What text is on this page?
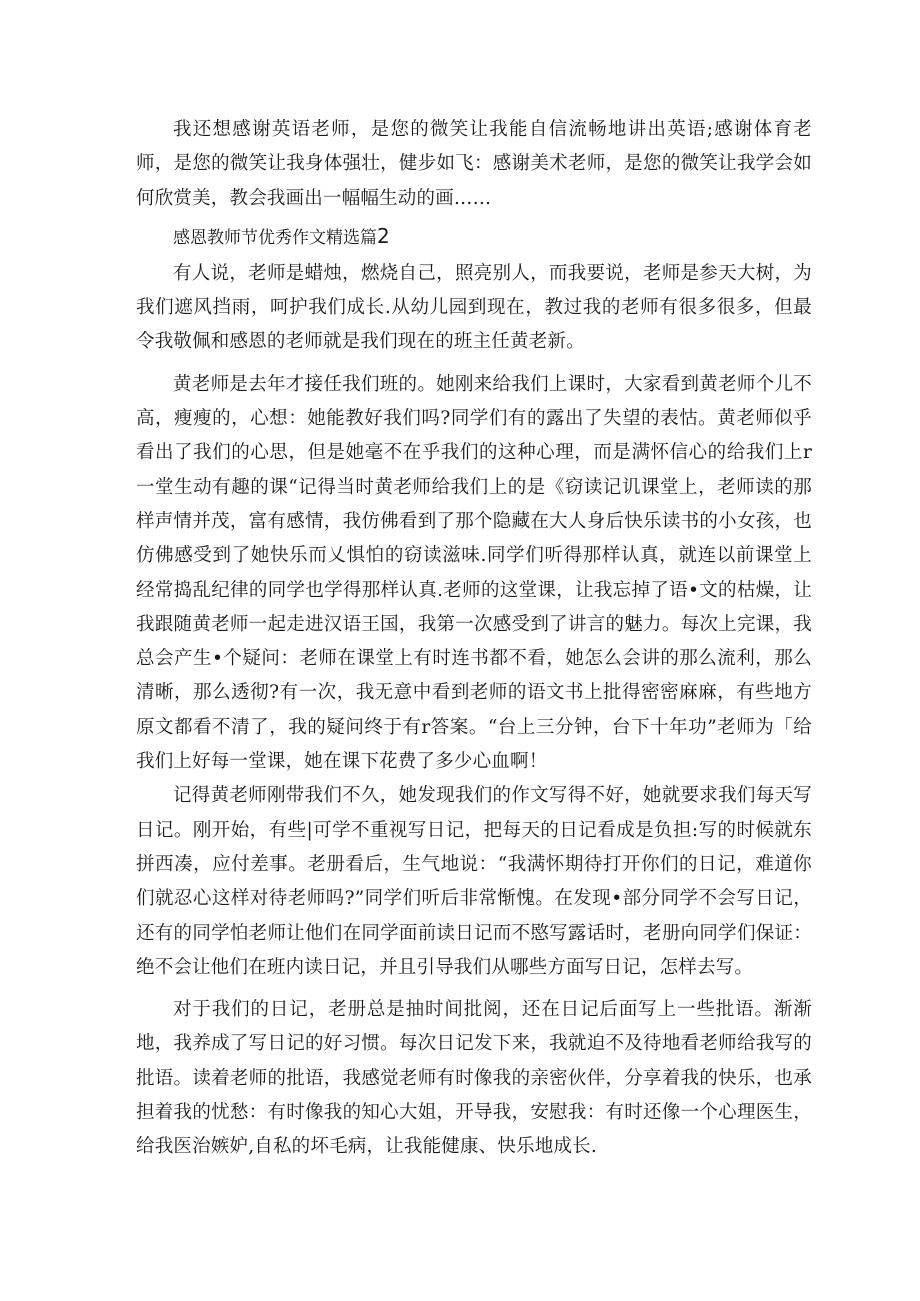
我还想感谢英语老师，是您的微笑让我能自信流畅地讲出英语;感谢体育老师，是您的微笑让我身体强壮，健步如飞：感谢美术老师，是您的微笑让我学会如何欣赏美，教会我画出一幅幅生动的画……

感恩教师节优秀作文精选篇2

有人说，老师是蜡烛，燃烧自己，照亮别人，而我要说，老师是参天大树，为我们遮风挡雨，呵护我们成长.从幼儿园到现在，教过我的老师有很多很多，但最令我敬佩和感恩的老师就是我们现在的班主任黄老新。

黄老师是去年才接任我们班的。她刚来给我们上课时，大家看到黄老师个儿不高，瘦瘦的，心想：她能教好我们吗?同学们有的露出了失望的表怙。黄老师似乎看出了我们的心思，但是她毫不在乎我们的这种心理，而是满怀信心的给我们上r一堂生动有趣的课“记得当时黄老师给我们上的是《窃读记讥课堂上，老师读的那样声情并茂，富有感情，我仿佛看到了那个隐藏在大人身后快乐读书的小女孩，也仿佛感受到了她快乐而乂惧怕的窃读滋味.同学们听得那样认真，就连以前课堂上经常捣乱纪律的同学也学得那样认真.老师的这堂课，让我忘掉了语•文的枯燥，让我跟随黄老师一起走进汉语王国，我第一次感受到了讲言的魅力。每次上完课，我总会产生•个疑问：老师在课堂上有时连书都不看，她怎么会讲的那么流利，那么清晰，那么透彻?有一次，我无意中看到老师的语文书上批得密密麻麻，有些地方原文都看不清了，我的疑问终于有r答案。“台上三分钟，台下十年功”老师为「给我们上好每一堂课，她在课下花费了多少心血啊！

记得黄老师刚带我们不久，她发现我们的作文写得不好，她就要求我们每天写日记。刚开始，有些|可学不重视写日记，把每天的日记看成是负担:写的时候就东拼西凑，应付差事。老册看后，生气地说：“我满怀期待打开你们的日记，难道你们就忍心这样对待老师吗?”同学们听后非常惭愧。在发现•部分同学不会写日记，还有的同学怕老师让他们在同学面前读日记而不愍写露话时，老册向同学们保证：绝不会让他们在班内读日记，并且引导我们从哪些方面写日记，怎样去写。

对于我们的日记，老册总是抽时间批阅，还在日记后面写上一些批语。渐渐地，我养成了写日记的好习惯。每次日记发下来，我就迫不及待地看老师给我写的批语。读着老师的批语，我感觉老师有时像我的亲密伙伴，分享着我的快乐，也承担着我的忧愁：有时像我的知心大姐，开导我，安慰我：有时还像一个心理医生，给我医治嫉妒,自私的坏毛病，让我能健康、快乐地成长.
